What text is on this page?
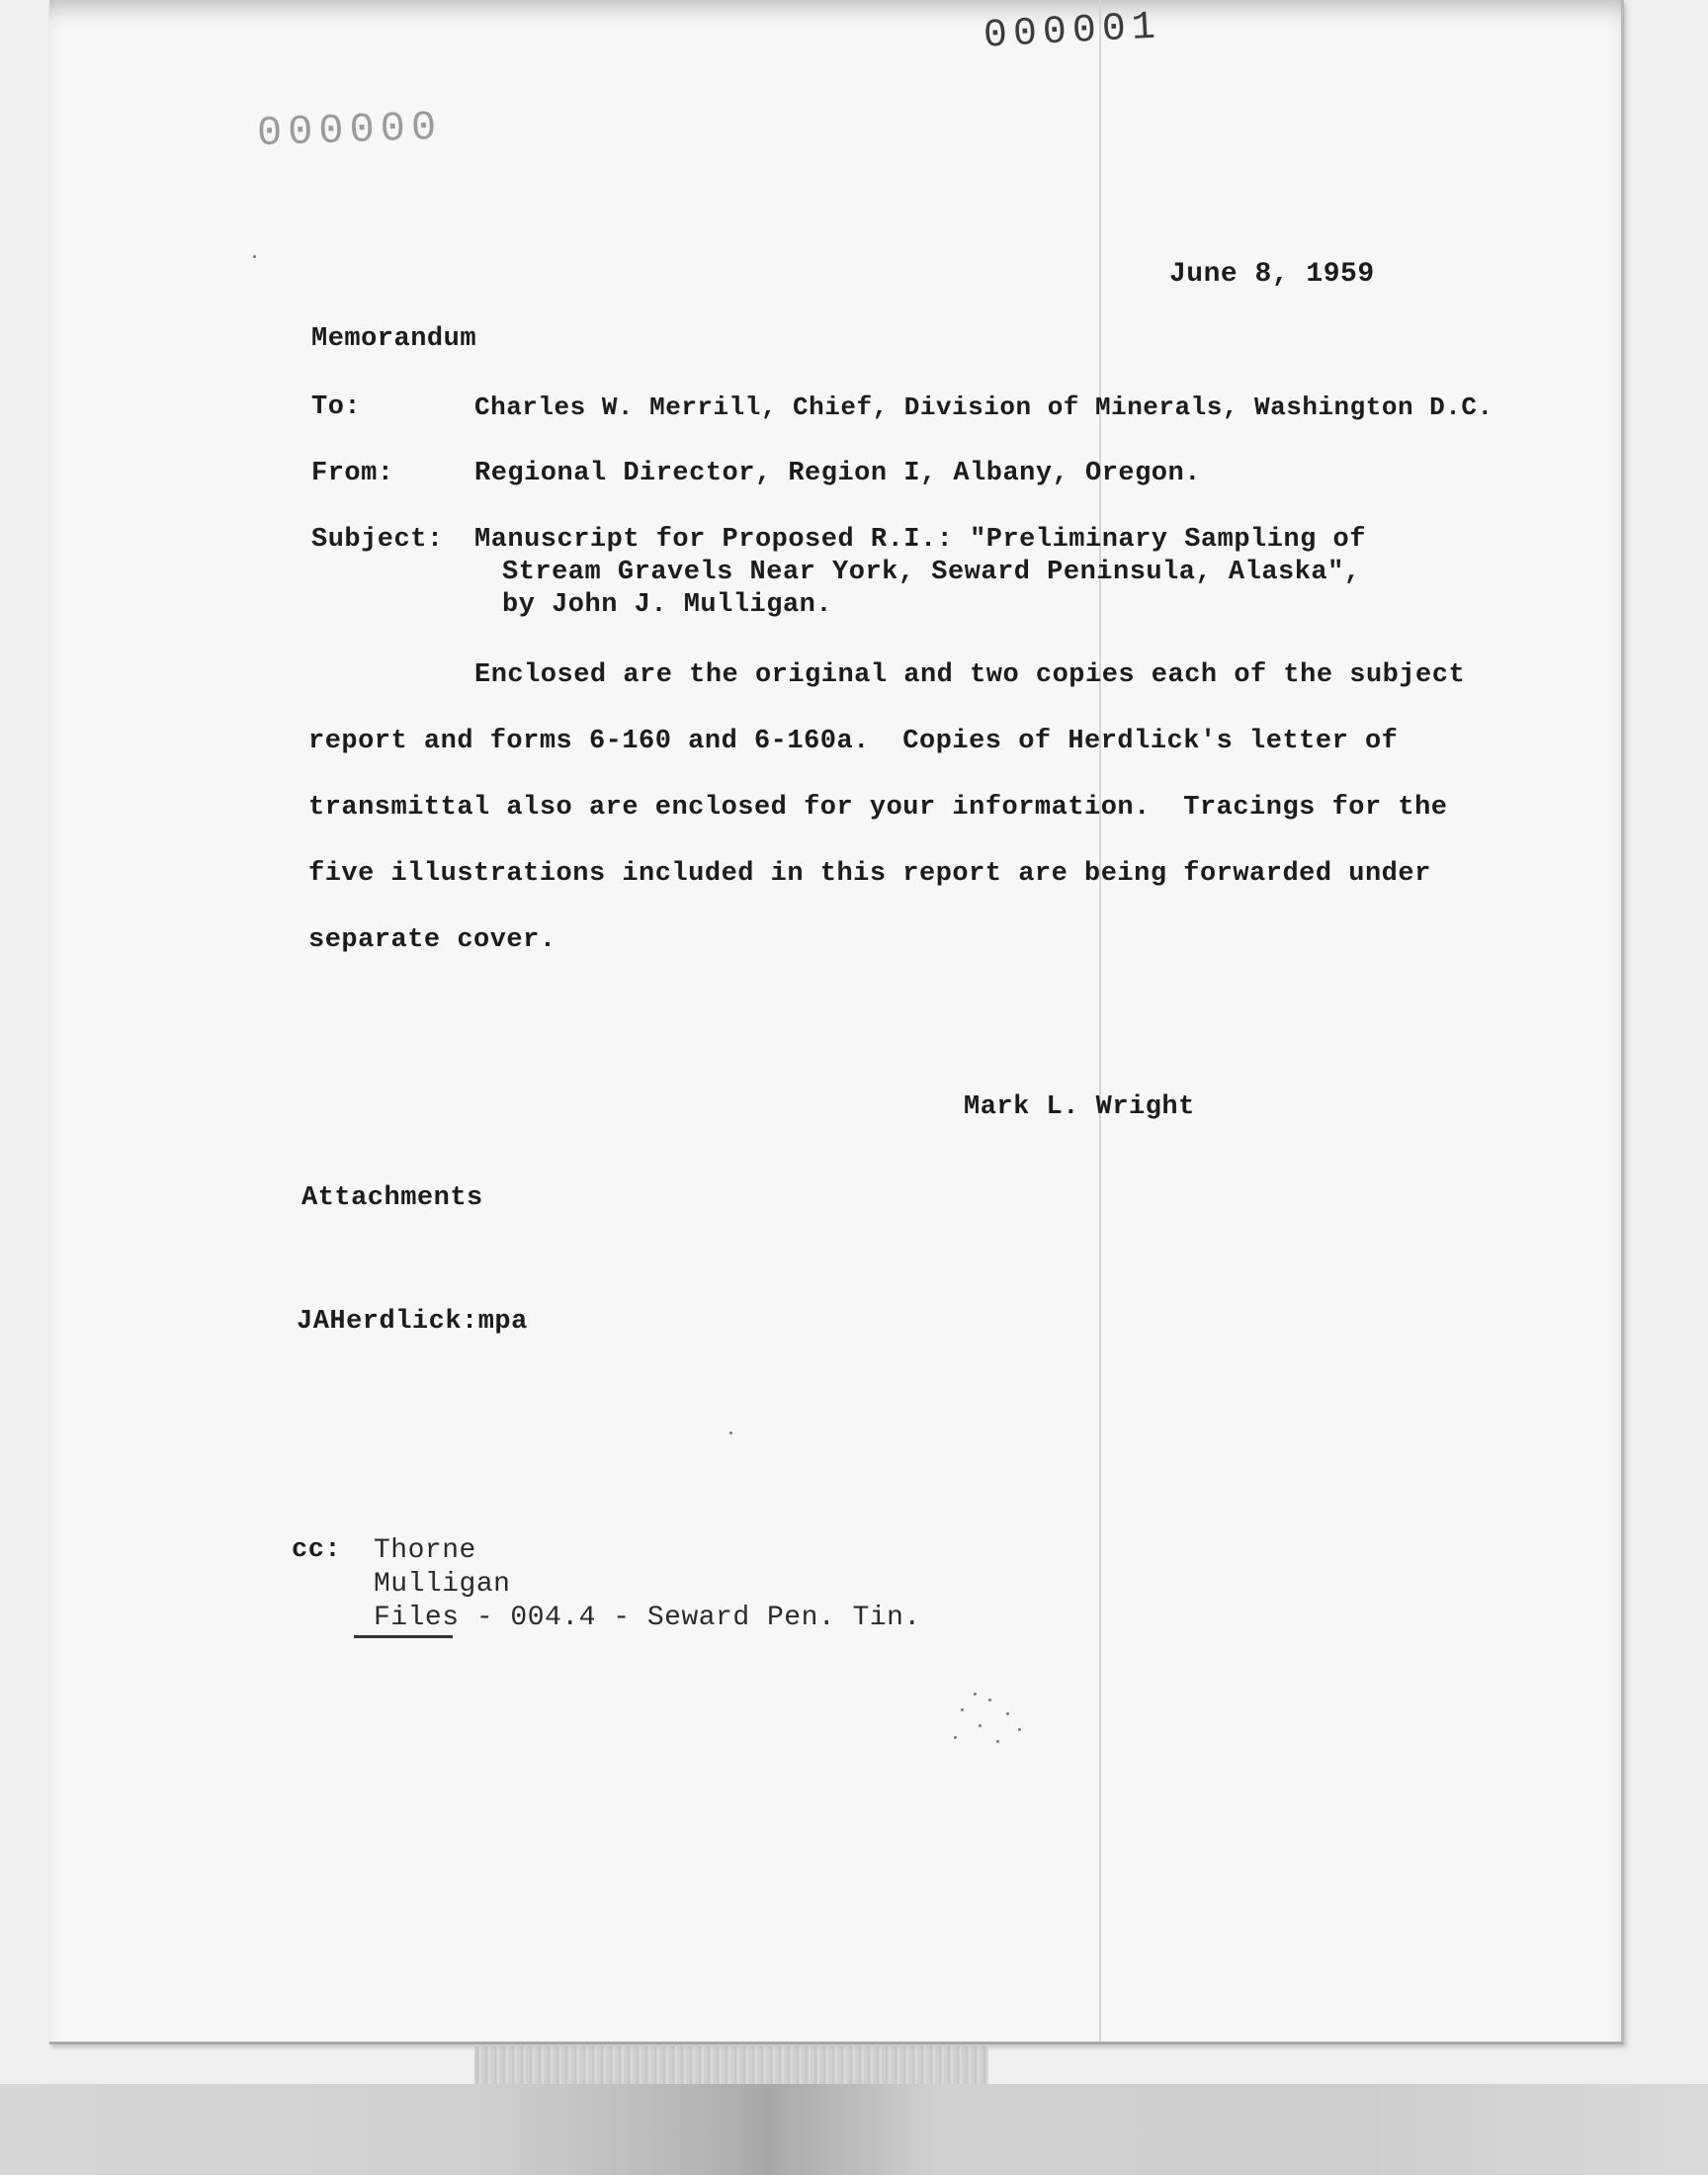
000001
000000
June 8, 1959
Memorandum
To:	Charles W. Merrill, Chief, Division of Minerals, Washington D.C.
From:	Regional Director, Region I, Albany, Oregon.
Subject: Manuscript for Proposed R.I.: "Preliminary Sampling of
Stream Gravels Near York, Seward Peninsula, Alaska",
by John J. Mulligan.
Enclosed are the original and two copies each of the subject
report and forms 6-160 and 6-160a.  Copies of Herdlick's letter of
transmittal also are enclosed for your information.  Tracings for the
five illustrations included in this report are being forwarded under
separate cover.
Mark L. Wright
Attachments
JAHerdlick:mpa
cc: Thorne
Mulligan
Files - 004.4 - Seward Pen. Tin.
